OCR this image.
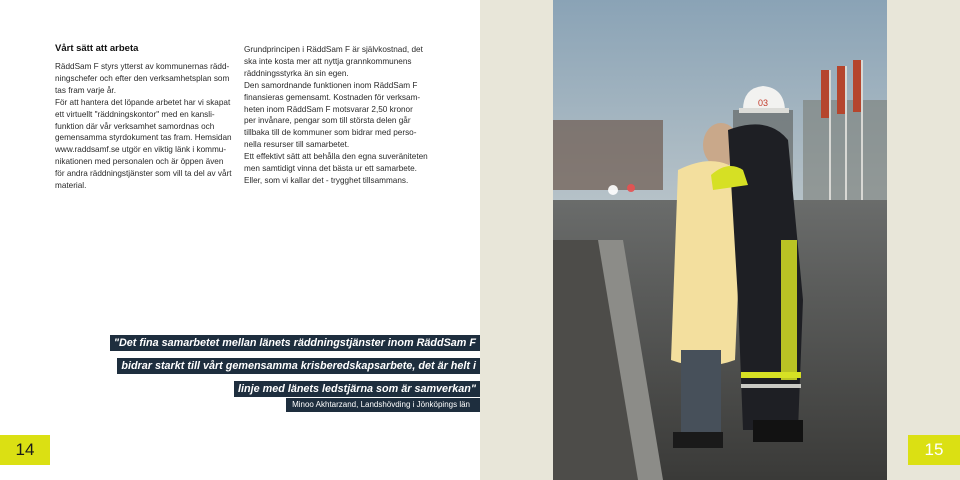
Vårt sätt att arbeta

RäddSam F styrs ytterst av kommunernas rädd-

ningschefer och efter den verksamhetsplan som

tas fram varje år.

För att hantera det löpande arbetet har vi skapat

ett virtuellt "räddningskontor" med en kansli-

funktion där vår verksamhet samordnas och

gemensamma styrdokument tas fram. Hemsidan

www.raddsamf.se utgör en viktig länk i kommu-

nikationen med personalen och är öppen även

för andra räddningstjänster som vill ta del av vårt

material.

Grundprincipen i RäddSam F är självkostnad, det

ska inte kosta mer att nyttja grannkommunens

räddningsstyrka än sin egen.

Den samordnande funktionen inom RäddSam F

finansieras gemensamt. Kostnaden för verksam-

heten inom RäddSam F motsvarar 2,50 kronor

per invånare, pengar som till största delen går

tillbaka till de kommuner som bidrar med perso-

nella resurser till samarbetet.

Ett effektivt sätt att behålla den egna suveräniteten

men samtidigt vinna det bästa ur ett samarbete.

Eller, som vi kallar det - trygghet tillsammans.

"Det fina samarbetet mellan länets räddningstjänster inom RäddSam F
bidrar starkt till vårt gemensamma krisberedskapsarbete, det är helt i
linje med länets ledstjärna som är samverkan"
Minoo Akhtarzand, Landshövding i Jönköpings län
14	15
03
